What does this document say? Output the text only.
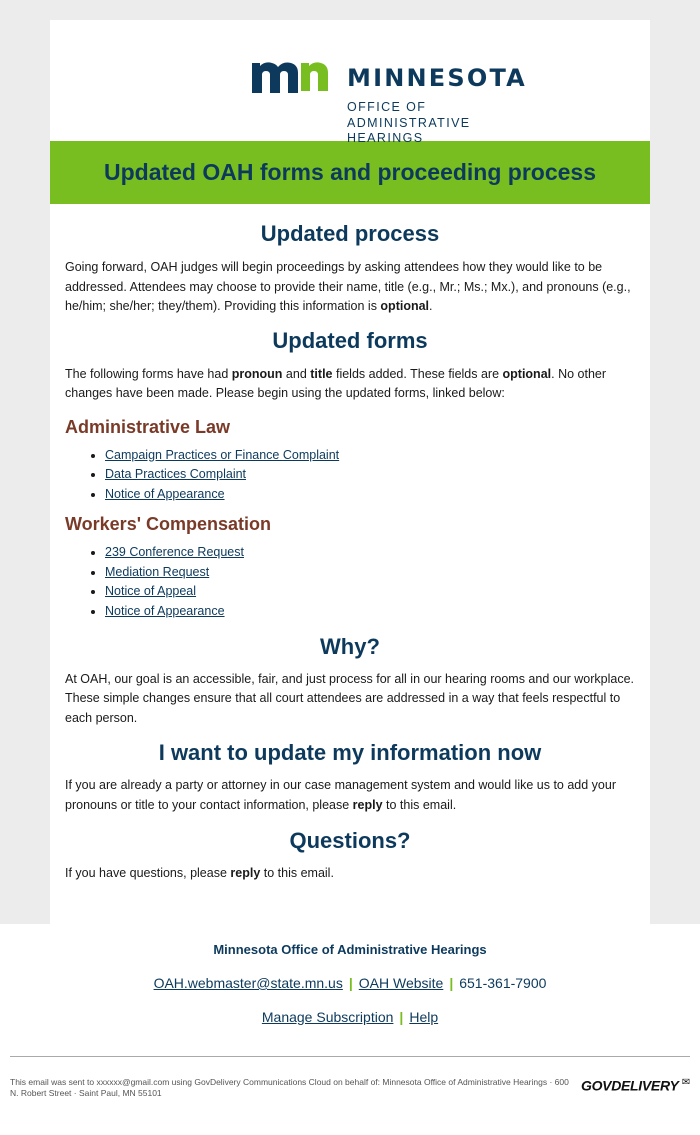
MINNESOTA
OFFICE OF
ADMINISTRATIVE
HEARINGS
Updated OAH forms and proceeding process
Updated process

Going forward, OAH judges will begin proceedings by asking attendees how they would like to be addressed. Attendees may choose to provide their name, title (e.g., Mr.; Ms.; Mx.), and pronouns (e.g., he/him; she/her; they/them). Providing this information is optional.

Updated forms

The following forms have had pronoun and title fields added. These fields are optional. No other changes have been made. Please begin using the updated forms, linked below:

Administrative Law
• Campaign Practices or Finance Complaint
• Data Practices Complaint
• Notice of Appearance
Workers' Compensation
• 239 Conference Request
• Mediation Request
• Notice of Appeal
• Notice of Appearance
Why?

At OAH, our goal is an accessible, fair, and just process for all in our hearing rooms and our workplace. These simple changes ensure that all court attendees are addressed in a way that feels respectful to each person.

I want to update my information now

If you are already a party or attorney in our case management system and would like us to add your pronouns or title to your contact information, please reply to this email.

Questions?

If you have questions, please reply to this email.

Minnesota Office of Administrative Hearings
OAH.webmaster@state.mn.us | OAH Website | 651-361-7900
Manage Subscription | Help

This email was sent to xxxxxx@gmail.com using GovDelivery Communications Cloud on behalf of: Minnesota Office of Administrative Hearings · 600 N. Robert Street · Saint Paul, MN 55101	GOVDELIVERY ✉
